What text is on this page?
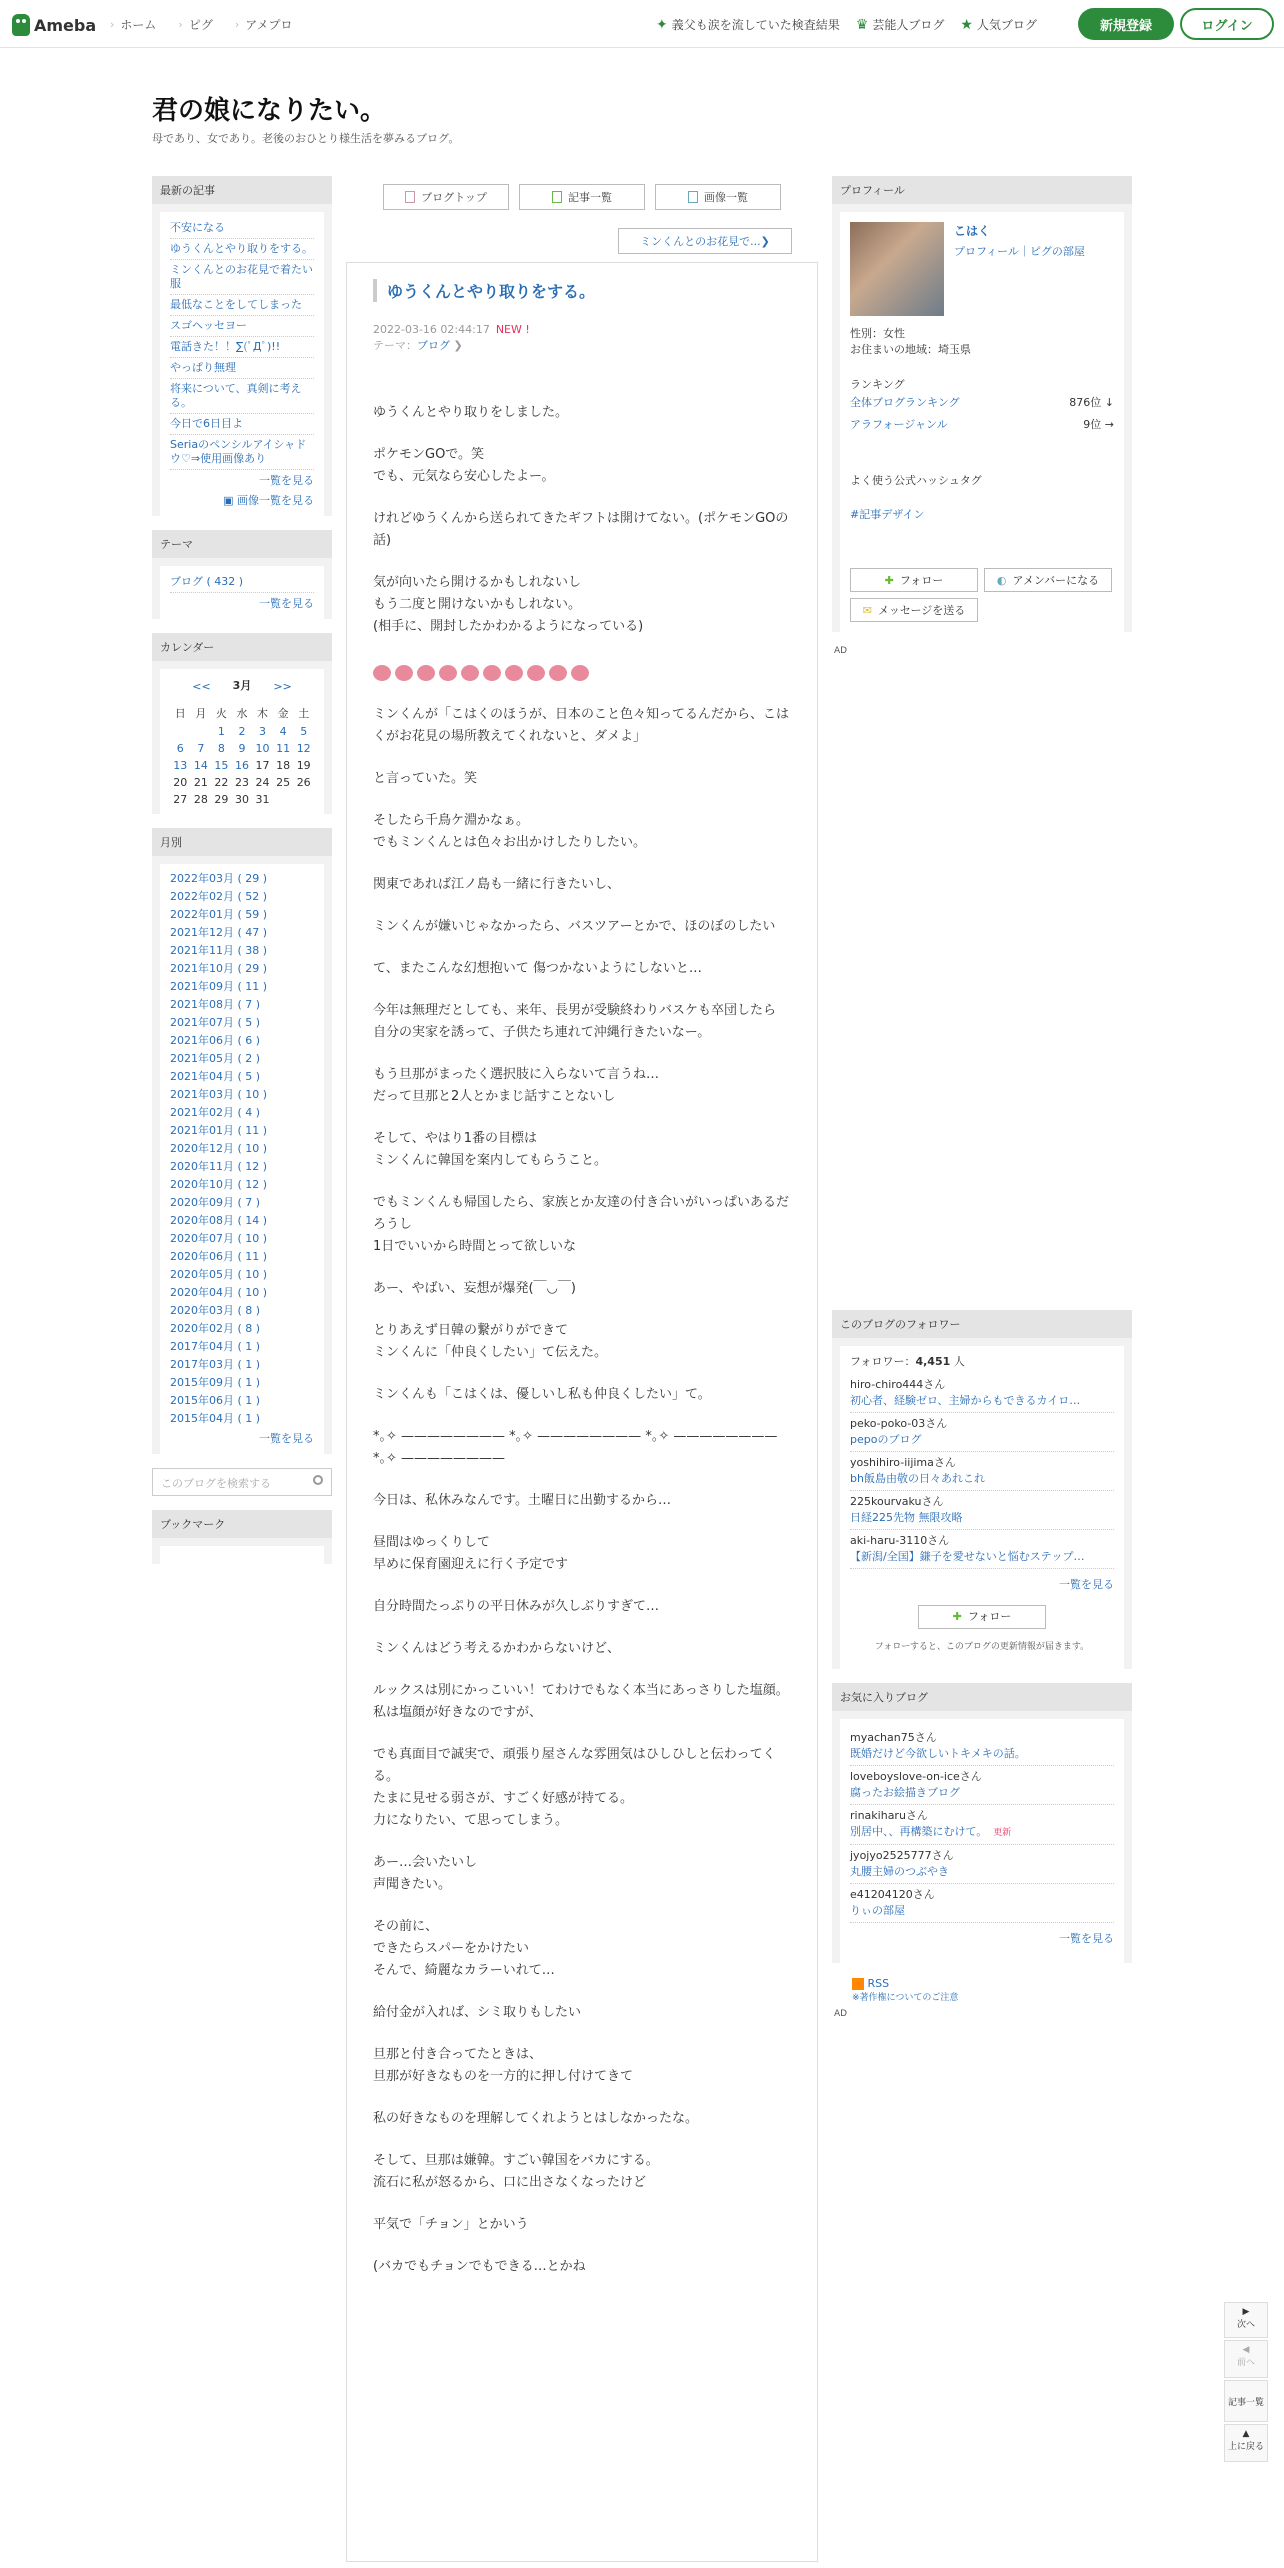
Ameba › ホーム › ピグ › アメプロ	✦ 義父も涙を流していた検査結果 ♛ 芸能人ブログ ★ 人気ブログ	新規登録	ログイン
君の娘になりたい。
母であり、女であり。老後のおひとり様生活を夢みるブログ。
最新の記事
不安になる
ゆうくんとやり取りをする。
ミンくんとのお花見で着たい服
最低なことをしてしまった
スゴヘッセヨー
電話きた！！∑(ﾟДﾟ)!!
やっぱり無理
将来について、真剣に考える。
今日で6日目よ
Seriaのペンシルアイシャドウ♡⇒使用画像あり
一覧を見る
▣ 画像一覧を見る
テーマ
ブログ ( 432 )
一覧を見る
カレンダー
<< 3月 >>
日	月	火	水	木	金	土
		1	2	3	4	5
6	7	8	9	10	11	12
13	14	15	16	17	18	19
20	21	22	23	24	25	26
27	28	29	30	31		
月別
2022年03月 ( 29 )
2022年02月 ( 52 )
2022年01月 ( 59 )
2021年12月 ( 47 )
2021年11月 ( 38 )
2021年10月 ( 29 )
2021年09月 ( 11 )
2021年08月 ( 7 )
2021年07月 ( 5 )
2021年06月 ( 6 )
2021年05月 ( 2 )
2021年04月 ( 5 )
2021年03月 ( 10 )
2021年02月 ( 4 )
2021年01月 ( 11 )
2020年12月 ( 10 )
2020年11月 ( 12 )
2020年10月 ( 12 )
2020年09月 ( 7 )
2020年08月 ( 14 )
2020年07月 ( 10 )
2020年06月 ( 11 )
2020年05月 ( 10 )
2020年04月 ( 10 )
2020年03月 ( 8 )
2020年02月 ( 8 )
2017年04月 ( 1 )
2017年03月 ( 1 )
2015年09月 ( 1 )
2015年06月 ( 1 )
2015年04月 ( 1 )
一覧を見る
このブログを検索する
ブックマーク
ブログトップ	記事一覧	画像一覧
ミンくんとのお花見で... ❯
ゆうくんとやり取りをする。
2022-03-16 02:44:17 NEW !
テーマ：ブログ ❯

ゆうくんとやり取りをしました。

ポケモンGOで。笑
でも、元気なら安心したよー。

けれどゆうくんから送られてきたギフトは開けてない。(ポケモンGOの話)

気が向いたら開けるかもしれないし
もう二度と開けないかもしれない。
(相手に、開封したかわかるようになっている)

ミンくんが「こはくのほうが、日本のこと色々知ってるんだから、こはくがお花見の場所教えてくれないと、ダメよ」

と言っていた。笑

そしたら千鳥ケ淵かなぁ。
でもミンくんとは色々お出かけしたりしたい。

関東であれば江ノ島も一緒に行きたいし、

ミンくんが嫌いじゃなかったら、バスツアーとかで、ほのぼのしたい

て、またこんな幻想抱いて 傷つかないようにしないと…

今年は無理だとしても、来年、長男が受験終わりバスケも卒団したら
自分の実家を誘って、子供たち連れて沖縄行きたいなー。

もう旦那がまったく選択肢に入らないて言うね…
だって旦那と2人とかまじ話すことないし

そして、やはり1番の目標は
ミンくんに韓国を案内してもらうこと。

でもミンくんも帰国したら、家族とか友達の付き合いがいっぱいあるだろうし
1日でいいから時間とって欲しいな

あー、やばい、妄想が爆発(￣◡￣)

とりあえず日韓の繋がりができて
ミンくんに「仲良くしたい」て伝えた。

ミンくんも「こはくは、優しいし私も仲良くしたい」て。

*｡✧ ———————— *｡✧ ———————— *｡✧ ———————— *｡✧ ————————

今日は、私休みなんです。土曜日に出勤するから…

昼間はゆっくりして
早めに保育園迎えに行く予定です

自分時間たっぷりの平日休みが久しぶりすぎて…

ミンくんはどう考えるかわからないけど、

ルックスは別にかっこいい！てわけでもなく本当にあっさりした塩顔。
私は塩顔が好きなのですが、

でも真面目で誠実で、頑張り屋さんな雰囲気はひしひしと伝わってくる。
たまに見せる弱さが、すごく好感が持てる。
力になりたい、て思ってしまう。

あー…会いたいし
声聞きたい。

その前に、
できたらスパーをかけたい
そんで、綺麗なカラーいれて…

給付金が入れば、シミ取りもしたい

旦那と付き合ってたときは、
旦那が好きなものを一方的に押し付けてきて

私の好きなものを理解してくれようとはしなかったな。

そして、旦那は嫌韓。すごい韓国をバカにする。
流石に私が怒るから、口に出さなくなったけど

平気で「チョン」とかいう

(バカでもチョンでもできる…とかね

プロフィール
こはく
プロフィール｜ピグの部屋
性別：女性
お住まいの地域：埼玉県
ランキング
全体ブログランキング	876位 ↓
アラフォージャンル	9位 →
よく使う公式ハッシュタグ
#記事デザイン
✚ フォロー	◐ アメンバーになる
✉ メッセージを送る
AD
このブログのフォロワー
フォロワー：4,451 人
hiro-chiro444さん
初心者、経験ゼロ、主婦からもできるカイロ…
peko-poko-03さん
pepoのブログ
yoshihiro-iijimaさん
bh飯島由敬の日々あれこれ
225kourvakuさん
日経225先物 無限攻略
aki-haru-3110さん
【新潟/全国】鎌子を愛せないと悩むステップ…
一覧を見る
✚ フォロー
フォローすると、このブログの更新情報が届きます。
お気に入りブログ
myachan75さん
既婚だけど今欲しいトキメキの話。
loveboyslove-on-iceさん
腐ったお絵描きブログ
rinakiharuさん
別居中、、再構築にむけて。 更新
jyojyo2525777さん
丸腰主婦のつぶやき
e41204120さん
りぃの部屋
一覧を見る
RSS
※著作権についてのご注意
AD
▶
次へ
◀
前へ
記事一覧
▲
上に戻る
